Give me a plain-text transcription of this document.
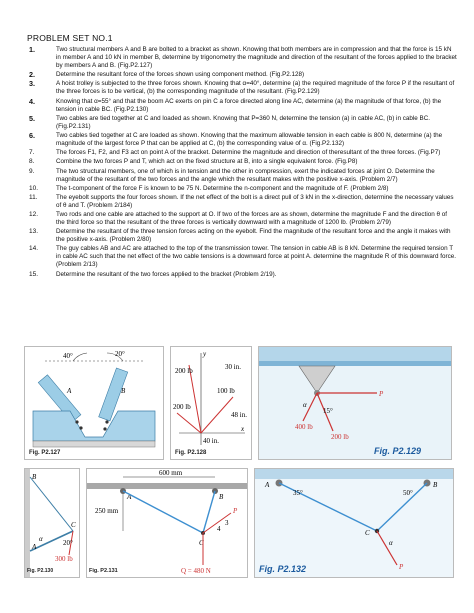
PROBLEM SET NO.1
1.	Two structural members A and B are bolted to a bracket as shown. Knowing that both members are in compression and that the force is 15 kN in member A and 10 kN in member B, determine by trigonometry the magnitude and direction of the resultant of the forces applied to the bracket by members A and B. (Fig.P2.127)
2.	Determine the resultant force of the forces shown using component method. (Fig.P2.128)
3.	A hoist trolley is subjected to the three forces shown. Knowing that α=40°, determine (a) the required magnitude of the force P if the resultant of the three forces is to be vertical, (b) the corresponding magnitude of the resultant. (Fig.P2.129)
4.	Knowing that α=55° and that the boom AC exerts on pin C a force directed along line AC, determine (a) the magnitude of that force, (b) the tension in cable BC. (Fig.P2.130)
5.	Two cables are tied together at C and loaded as shown. Knowing that P=360 N, determine the tension (a) in cable AC, (b) in cable BC. (Fig.P2.131)
6.	Two cables tied together at C are loaded as shown. Knowing that the maximum allowable tension in each cable is 800 N, determine (a) the magnitude of the largest force P that can be applied at C, (b) the corresponding value of α. (Fig.P2.132)
7.	The forces F1, F2, and F3 act on point A of the bracket. Determine the magnitude and direction of theresultant of the three forces. (Fig.P7)
8.	Combine the two forces P and T, which act on the fixed structure at B, into a single equivalent force. (Fig.P8)
9.	The two structural members, one of which is in tension and the other in compression, exert the indicated forces at joint O. Determine the magnitude of the resultant of the two forces and the angle which the resultant makes with the positive x-axis. (Problem 2/7)
10.	The t-component of the force F is known to be 75 N. Determine the n-component and the magnitude of F. (Problem 2/8)
11.	The eyebolt supports the four forces shown. If the net effect of the bolt is a direct pull of 3 kN in the x-direction, determine the necessary values of θ and T. (Problem 2/184)
12.	Two rods and one cable are attached to the support at O. If two of the forces are as shown, determine the magnitude F and the direction θ of the third force so that the resultant of the three forces is vertically downward with a magnitude of 1200 lb. (Problem 2/79)
13.	Determine the resultant of the three tension forces acting on the eyebolt. Find the magnitude of the resultant force and the angle it makes with the positive x-axis. (Problem 2/80)
14.	The guy cables AB and AC are attached to the top of the transmission tower. The tension in cable AB is 8 kN. Determine the required tension T in cable AC such that the net effect of the two cable tensions is a downward force at point A. determine the magnitude R of this downward force. (Problem 2/13)
15.	Determine the resultant of the two forces applied to the bracket (Problem 2/19).
40°	20°
A	B
Fig. P2.127
y
x
200 lb
100 lb
200 lb
30 in.
48 in.
40 in.
Fig. P2.128
P
400 lb
200 lb
α
15°
Fig. P2.129
B
A
C
α	20°
300 lb
Fig. P2.130
600 mm
250 mm
A	B
C
P
3
4
Q = 480 N
Fig. P2.131
A	B
35°	50°
C
P
α
Fig. P2.132
